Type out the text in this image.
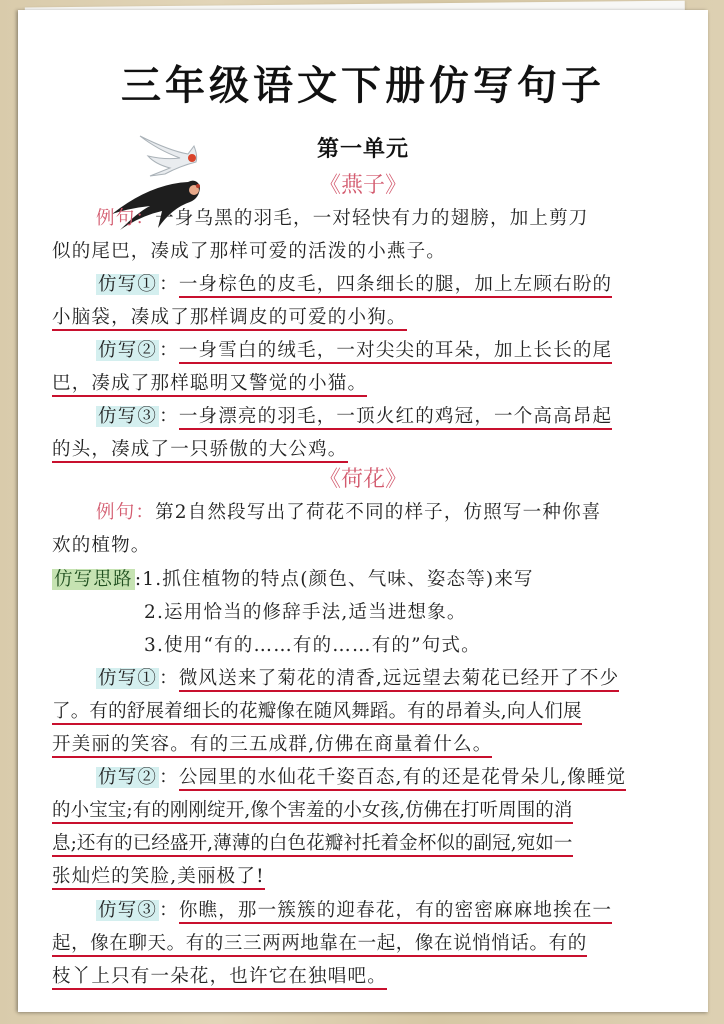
三年级语文下册仿写句子
第一单元
《燕子》
例句：一身乌黑的羽毛，一对轻快有力的翅膀，加上剪刀
似的尾巴，凑成了那样可爱的活泼的小燕子。
仿写① ：一身棕色的皮毛，四条细长的腿，加上左顾右盼的
小脑袋，凑成了那样调皮的可爱的小狗。
仿写② ：一身雪白的绒毛，一对尖尖的耳朵，加上长长的尾
巴，凑成了那样聪明又警觉的小猫。
仿写③ ：一身漂亮的羽毛，一顶火红的鸡冠，一个高高昂起
的头，凑成了一只骄傲的大公鸡。
《荷花》
例句：第2自然段写出了荷花不同的样子，仿照写一种你喜
欢的植物。
仿写思路 :1.抓住植物的特点(颜色、气味、姿态等)来写
2.运用恰当的修辞手法,适当进想象。
3.使用“有的……有的……有的”句式。
仿写① ：微风送来了菊花的清香,远远望去菊花已经开了不少
了。有的舒展着细长的花瓣像在随风舞蹈。有的昂着头,向人们展
开美丽的笑容。有的三五成群,仿佛在商量着什么。
仿写② ：公园里的水仙花千姿百态,有的还是花骨朵儿,像睡觉
的小宝宝;有的刚刚绽开,像个害羞的小女孩,仿佛在打听周围的消
息;还有的已经盛开,薄薄的白色花瓣衬托着金杯似的副冠,宛如一
张灿烂的笑脸,美丽极了!
仿写③ ：你瞧，那一簇簇的迎春花，有的密密麻麻地挨在一
起，像在聊天。有的三三两两地靠在一起，像在说悄悄话。有的
枝丫上只有一朵花，也许它在独唱吧。
